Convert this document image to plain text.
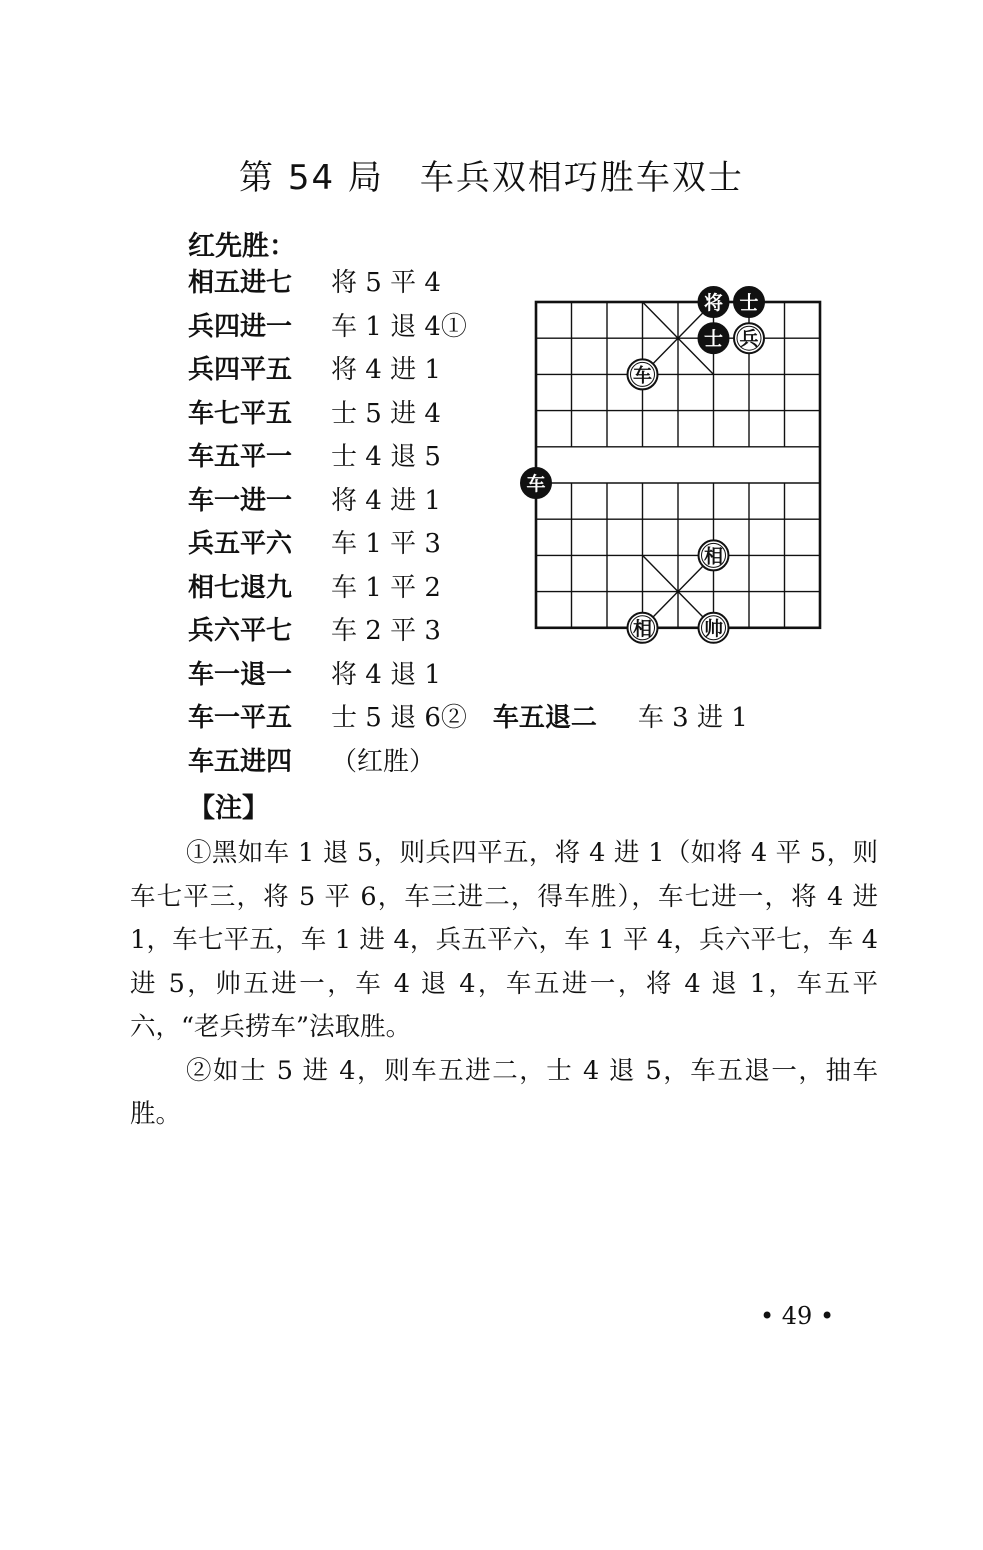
第 54 局　车兵双相巧胜车双士
红先胜：
相五进七 将 5 平 4
兵四进一 车 1 退 4①
兵四平五 将 4 进 1
车七平五 士 5 进 4
车五平一 士 4 退 5
车一进一 将 4 进 1
兵五平六 车 1 平 3
相七退九 车 1 平 2
兵六平七 车 2 平 3
车一退一 将 4 退 1
车一平五 士 5 退 6② 车五退二 车 3 进 1
车五进四 （红胜）
将 士
士 兵
车
车
相
相	帅
【注】

①黑如车 1 退 5，则兵四平五，将 4 进 1（如将 4 平 5，则车七平三，将 5 平 6，车三进二，得车胜），车七进一，将 4 进 1，车七平五，车 1 进 4，兵五平六，车 1 平 4，兵六平七，车 4 进 5，帅五进一，车 4 退 4，车五进一，将 4 退 1，车五平六，“老兵捞车”法取胜。

②如士 5 进 4，则车五进二，士 4 退 5，车五退一，抽车胜。

• 49 •
